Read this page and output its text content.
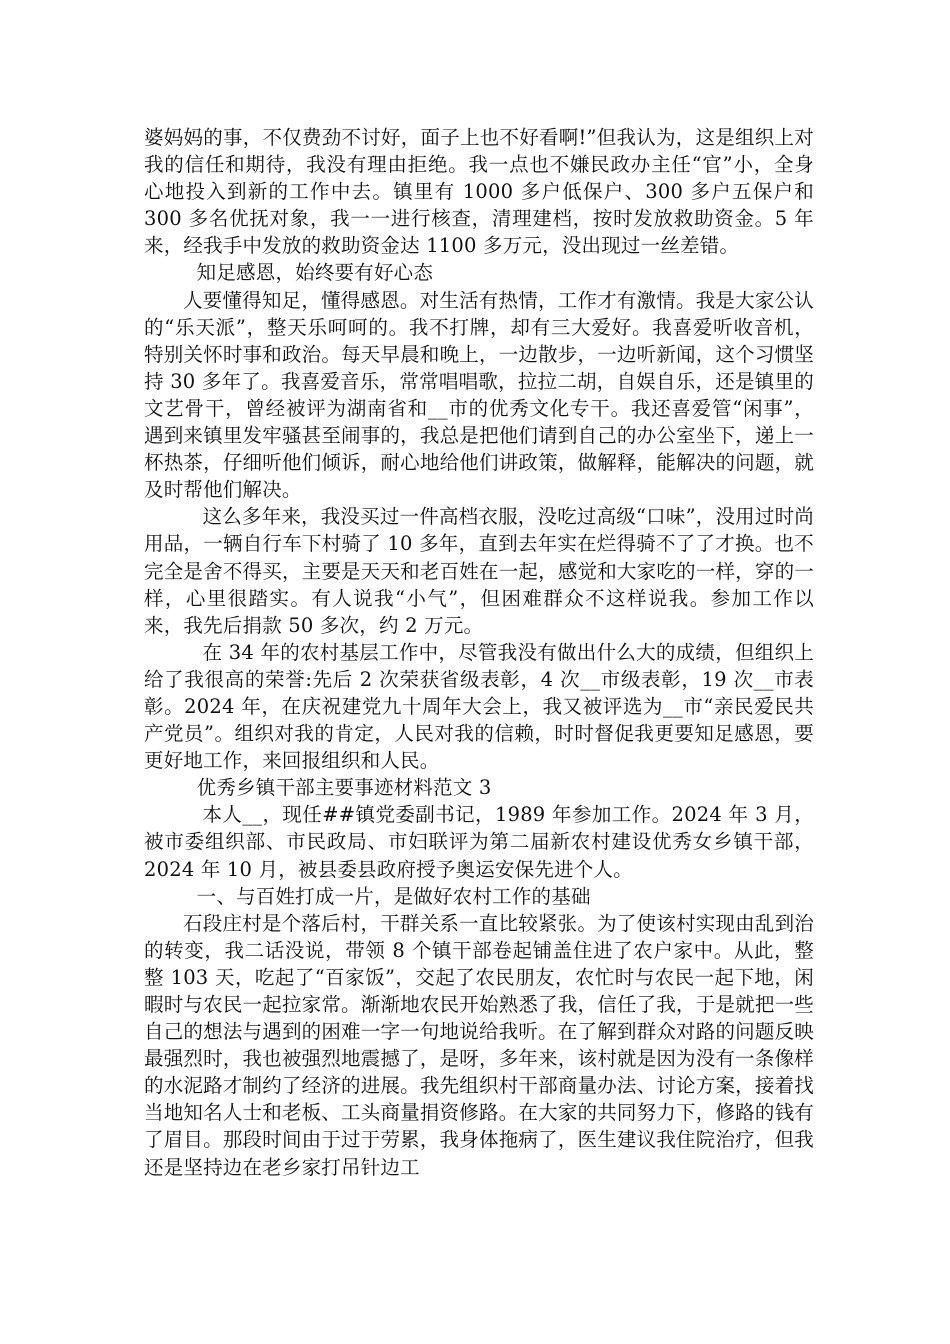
婆妈妈的事，不仅费劲不讨好，面子上也不好看啊!”但我认为，这是组织上对我的信任和期待，我没有理由拒绝。我一点也不嫌民政办主任“官”小，全身心地投入到新的工作中去。镇里有 1000 多户低保户、300 多户五保户和 300 多名优抚对象，我一一进行核查，清理建档，按时发放救助资金。5 年来，经我手中发放的救助资金达 1100 多万元，没出现过一丝差错。

知足感恩，始终要有好心态

人要懂得知足，懂得感恩。对生活有热情，工作才有激情。我是大家公认的“乐天派”，整天乐呵呵的。我不打牌，却有三大爱好。我喜爱听收音机，特别关怀时事和政治。每天早晨和晚上，一边散步，一边听新闻，这个习惯坚持 30 多年了。我喜爱音乐，常常唱唱歌，拉拉二胡，自娱自乐，还是镇里的文艺骨干，曾经被评为湖南省和__市的优秀文化专干。我还喜爱管“闲事”，遇到来镇里发牢骚甚至闹事的，我总是把他们请到自己的办公室坐下，递上一杯热茶，仔细听他们倾诉，耐心地给他们讲政策，做解释，能解决的问题，就及时帮他们解决。

这么多年来，我没买过一件高档衣服，没吃过高级“口味”，没用过时尚用品，一辆自行车下村骑了 10 多年，直到去年实在烂得骑不了了才换。也不完全是舍不得买，主要是天天和老百姓在一起，感觉和大家吃的一样，穿的一样，心里很踏实。有人说我“小气”，但困难群众不这样说我。参加工作以来，我先后捐款 50 多次，约 2 万元。

在 34 年的农村基层工作中，尽管我没有做出什么大的成绩，但组织上给了我很高的荣誉:先后 2 次荣获省级表彰，4 次__市级表彰，19 次__市表彰。2024 年，在庆祝建党九十周年大会上，我又被评选为__市“亲民爱民共产党员”。组织对我的肯定，人民对我的信赖，时时督促我更要知足感恩，要更好地工作，来回报组织和人民。

优秀乡镇干部主要事迹材料范文 3

本人__，现任##镇党委副书记，1989 年参加工作。2024 年 3 月，被市委组织部、市民政局、市妇联评为第二届新农村建设优秀女乡镇干部，2024 年 10 月，被县委县政府授予奥运安保先进个人。

一、与百姓打成一片，是做好农村工作的基础

石段庄村是个落后村，干群关系一直比较紧张。为了使该村实现由乱到治的转变，我二话没说，带领 8 个镇干部卷起铺盖住进了农户家中。从此，整整 103 天，吃起了“百家饭”，交起了农民朋友，农忙时与农民一起下地，闲暇时与农民一起拉家常。渐渐地农民开始熟悉了我，信任了我，于是就把一些自己的想法与遇到的困难一字一句地说给我听。在了解到群众对路的问题反映最强烈时，我也被强烈地震撼了，是呀，多年来，该村就是因为没有一条像样的水泥路才制约了经济的进展。我先组织村干部商量办法、讨论方案，接着找当地知名人士和老板、工头商量捐资修路。在大家的共同努力下，修路的钱有了眉目。那段时间由于过于劳累，我身体拖病了，医生建议我住院治疗，但我还是坚持边在老乡家打吊针边工
